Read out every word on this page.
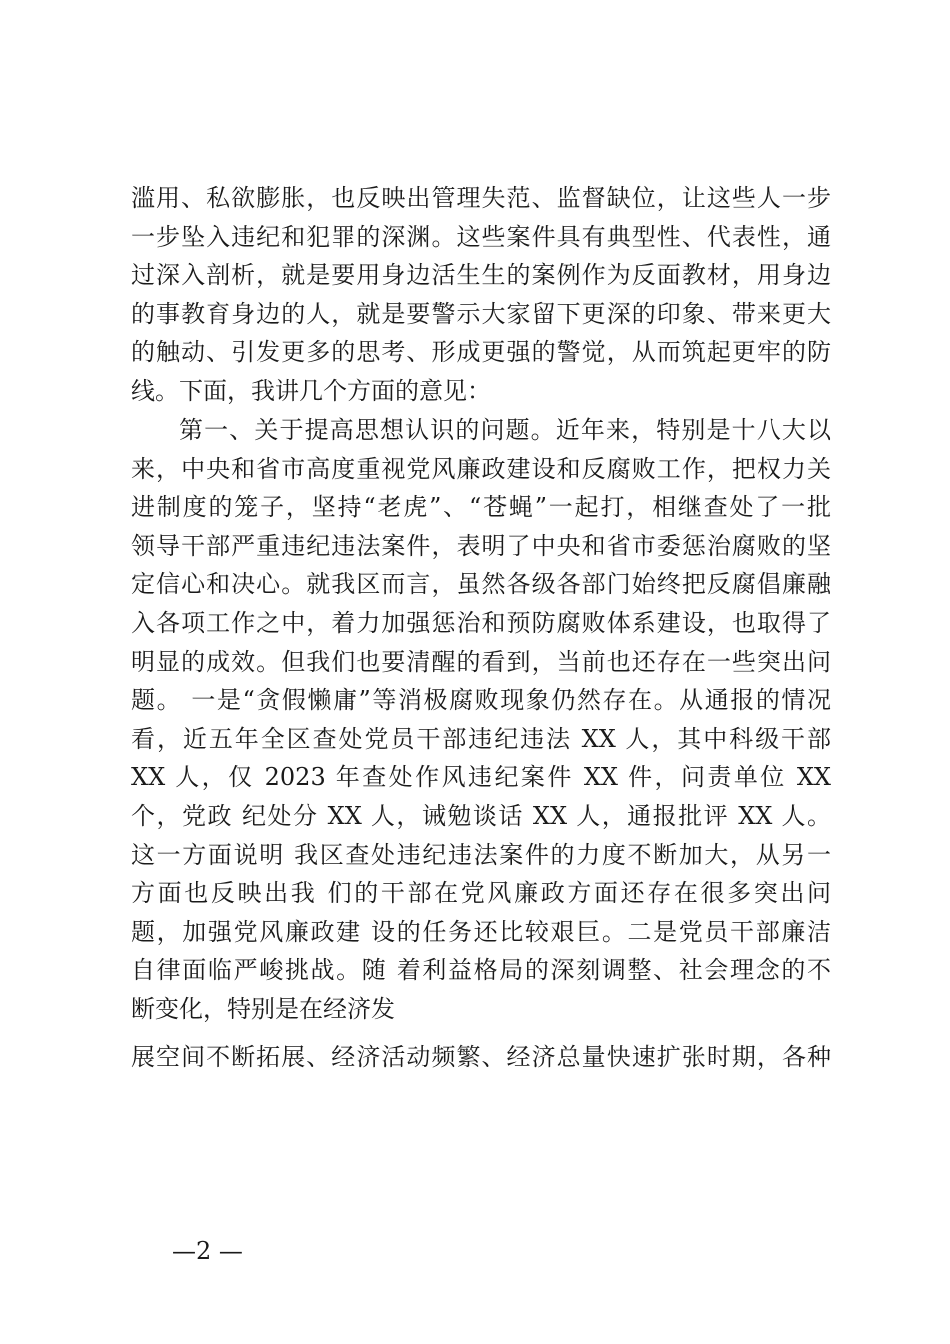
滥用、私欲膨胀，也反映出管理失范、监督缺位，让这些人一步
一步坠入违纪和犯罪的深渊。这些案件具有典型性、代表性，通
过深入剖析，就是要用身边活生生的案例作为反面教材，用身边
的事教育身边的人，就是要警示大家留下更深的印象、带来更大
的触动、引发更多的思考、形成更强的警觉，从而筑起更牢的防
线。下面，我讲几个方面的意见：
第一、关于提高思想认识的问题。近年来，特别是十八大以
来，中央和省市高度重视党风廉政建设和反腐败工作，把权力关
进制度的笼子，坚持“老虎”、“苍蝇”一起打，相继查处了一批
领导干部严重违纪违法案件，表明了中央和省市委惩治腐败的坚
定信心和决心。就我区而言，虽然各级各部门始终把反腐倡廉融
入各项工作之中，着力加强惩治和预防腐败体系建设，也取得了
明显的成效。但我们也要清醒的看到，当前也还存在一些突出问
题。 一是“贪假懒庸”等消极腐败现象仍然存在。从通报的情况
看，近五年全区查处党员干部违纪违法 XX 人，其中科级干部
XX 人，仅 2023 年查处作风违纪案件 XX 件，问责单位 XX
个，党政 纪处分 XX 人，诫勉谈话 XX 人，通报批评 XX 人。
这一方面说明 我区查处违纪违法案件的力度不断加大，从另一
方面也反映出我 们的干部在党风廉政方面还存在很多突出问
题，加强党风廉政建 设的任务还比较艰巨。二是党员干部廉洁
自律面临严峻挑战。随 着利益格局的深刻调整、社会理念的不
断变化，特别是在经济发
展空间不断拓展、经济活动频繁、经济总量快速扩张时期，各种
—2 —
